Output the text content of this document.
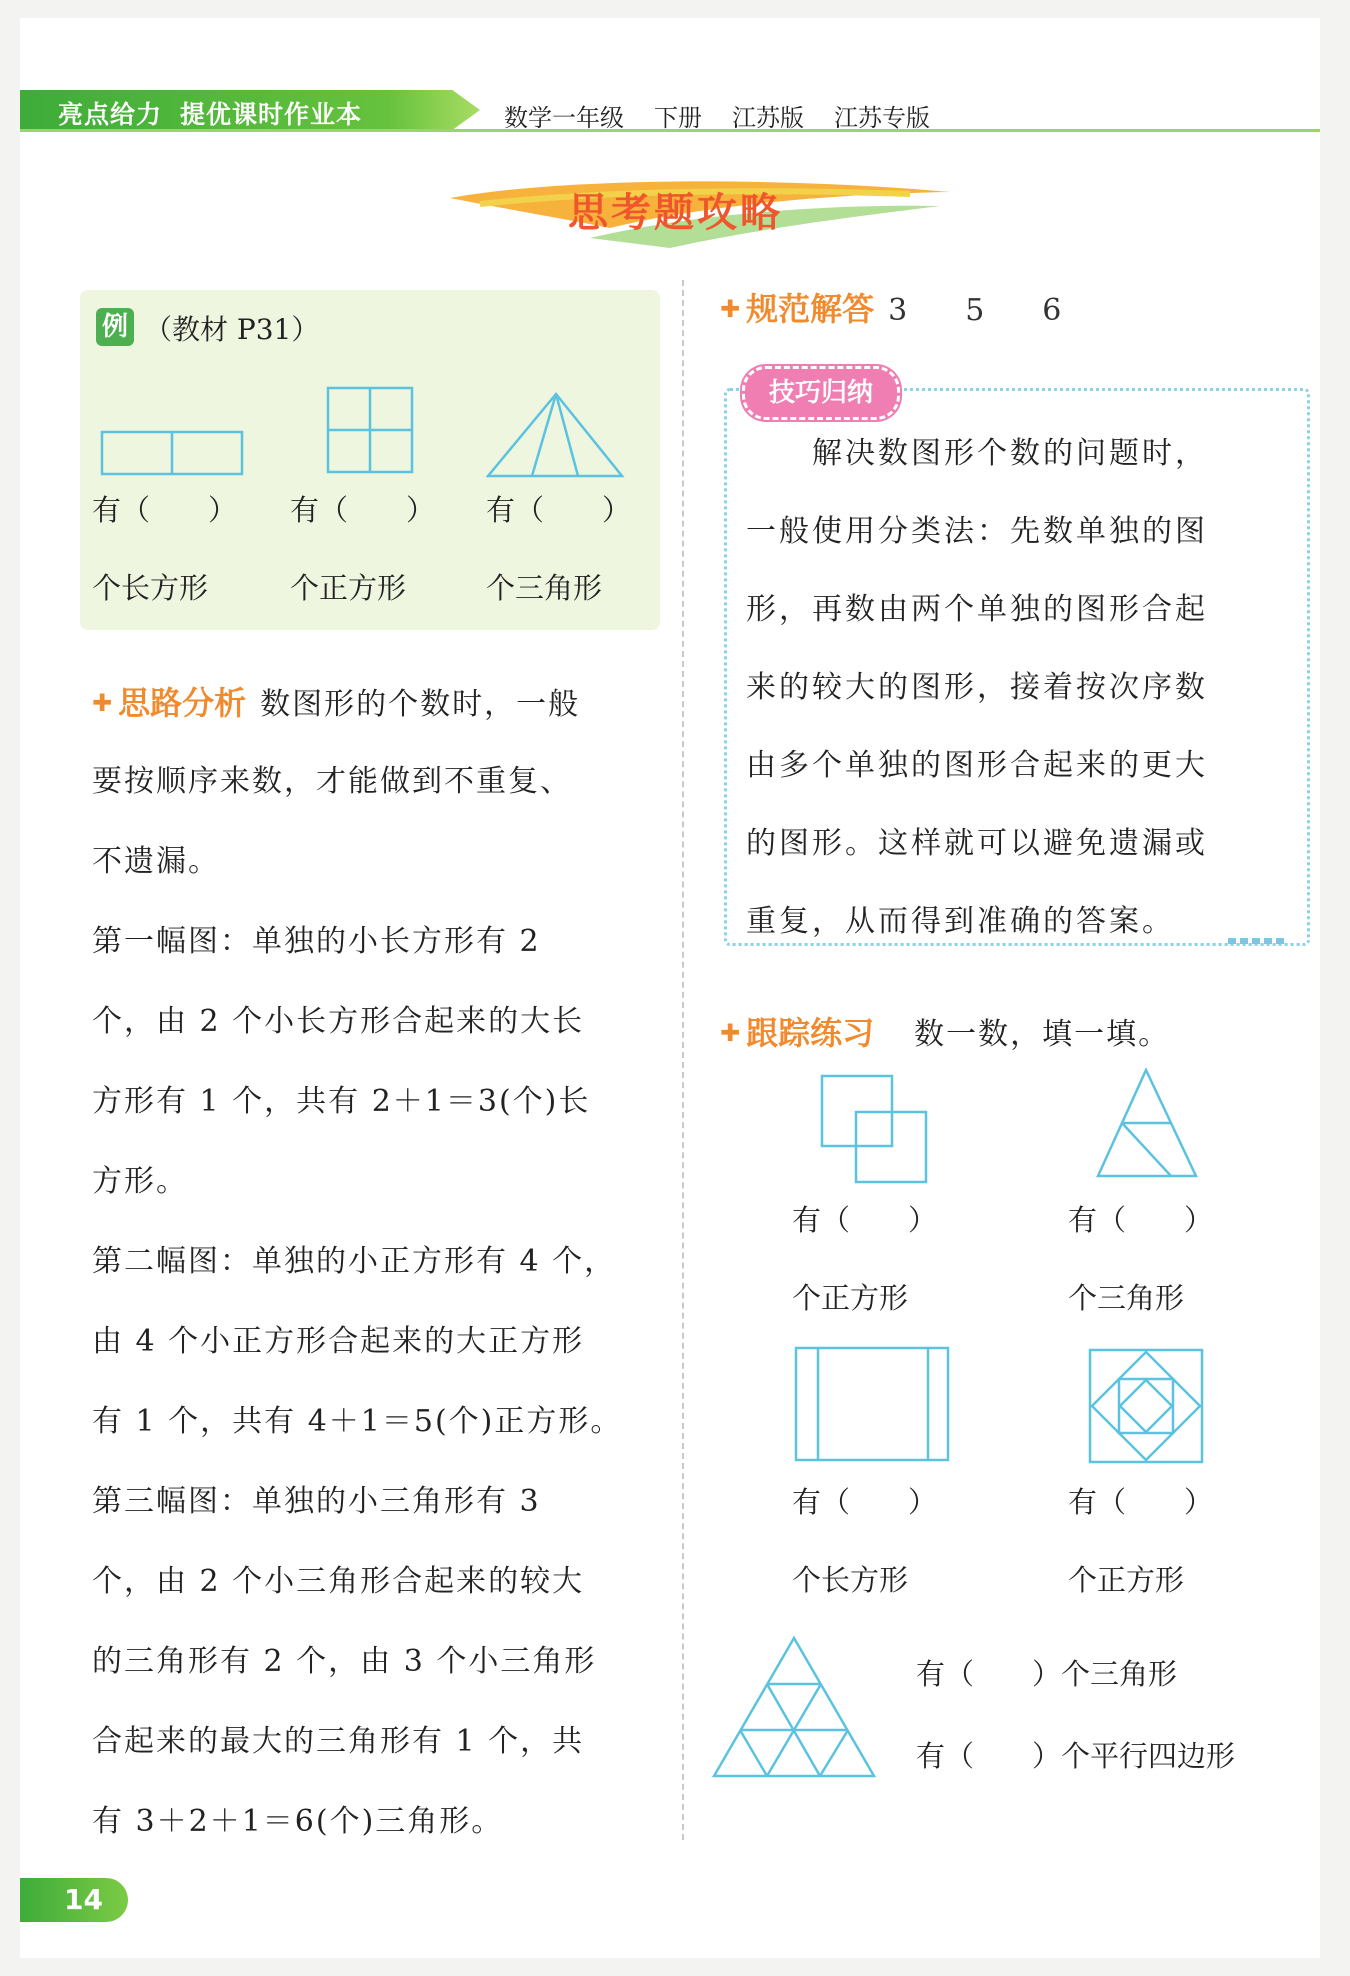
亮点给力 提优课时作业本	数学一年级 下册 江苏版 江苏专版
思考题攻略
例 （教材 P31）
有（　　） 有（　　） 有（　　）
个长方形	个正方形	个三角形
✚ 思路分析 数图形的个数时，一般
要按顺序来数，才能做到不重复、
不遗漏。
第一幅图：单独的小长方形有 2
个，由 2 个小长方形合起来的大长
方形有 1 个，共有 2＋1＝3(个)长
方形。
第二幅图：单独的小正方形有 4 个，
由 4 个小正方形合起来的大正方形
有 1 个，共有 4＋1＝5(个)正方形。
第三幅图：单独的小三角形有 3
个，由 2 个小三角形合起来的较大
的三角形有 2 个，由 3 个小三角形
合起来的最大的三角形有 1 个，共
有 3＋2＋1＝6(个)三角形。
✚ 规范解答 3　5　6
技巧归纳
　　解决数图形个数的问题时，
一般使用分类法：先数单独的图
形，再数由两个单独的图形合起
来的较大的图形，接着按次序数
由多个单独的图形合起来的更大
的图形。这样就可以避免遗漏或
重复，从而得到准确的答案。
✚ 跟踪练习 数一数，填一填。
有（　　）	有（　　）
个正方形	个三角形
有（　　）	有（　　）
个长方形	个正方形
有（　　）个三角形
有（　　）个平行四边形
14
